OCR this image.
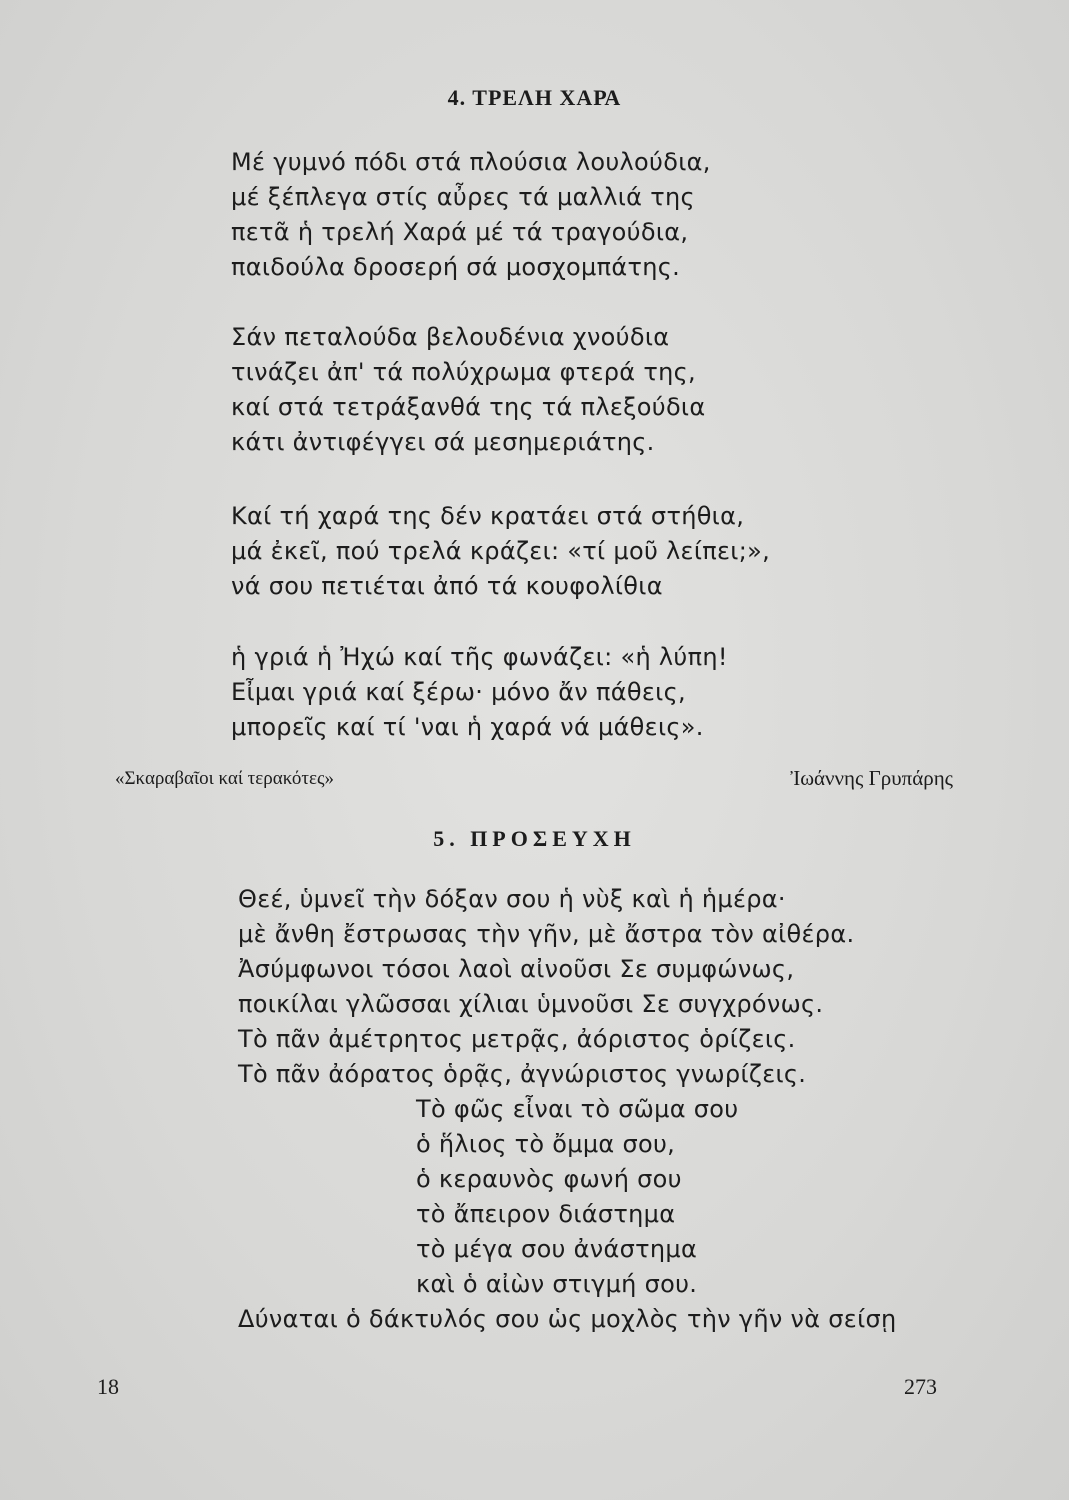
4. ΤΡΕΛΗ ΧΑΡΑ
Μέ γυμνό πόδι στά πλούσια λουλούδια,
μέ ξέπλεγα στίς αὖρες τά μαλλιά της
πετᾶ ἡ τρελή Χαρά μέ τά τραγούδια,
παιδούλα δροσερή σά μοσχομπάτης.
Σάν πεταλούδα βελουδένια χνούδια
τινάζει ἀπ' τά πολύχρωμα φτερά της,
καί στά τετράξανθά της τά πλεξούδια
κάτι ἀντιφέγγει σά μεσημεριάτης.
Καί τή χαρά της δέν κρατάει στά στήθια,
μά ἐκεῖ, πού τρελά κράζει: «τί μοῦ λείπει;»,
νά σου πετιέται ἀπό τά κουφολίθια
ἡ γριά ἡ Ἠχώ καί τῆς φωνάζει: «ἡ λύπη!
Εἶμαι γριά καί ξέρω· μόνο ἄν πάθεις,
μπορεῖς καί τί 'ναι ἡ χαρά νά μάθεις».
«Σκαραβαῖοι καί τερακότες»	Ἰωάννης Γρυπάρης
5. ΠΡΟΣΕΥΧΗ
Θεέ, ὑμνεῖ τὴν δόξαν σου ἡ νὺξ καὶ ἡ ἡμέρα·
μὲ ἄνθη ἔστρωσας τὴν γῆν, μὲ ἄστρα τὸν αἰθέρα.
Ἀσύμφωνοι τόσοι λαοὶ αἰνοῦσι Σε συμφώνως,
ποικίλαι γλῶσσαι χίλιαι ὑμνοῦσι Σε συγχρόνως.
Τὸ πᾶν ἀμέτρητος μετρᾷς, ἀόριστος ὁρίζεις.
Τὸ πᾶν ἀόρατος ὁρᾷς, ἀγνώριστος γνωρίζεις.
Τὸ φῶς εἶναι τὸ σῶμα σου
ὁ ἥλιος τὸ ὄμμα σου,
ὁ κεραυνὸς φωνή σου
τὸ ἄπειρον διάστημα
τὸ μέγα σου ἀνάστημα
καὶ ὁ αἰὼν στιγμή σου.
Δύναται ὁ δάκτυλός σου ὡς μοχλὸς τὴν γῆν νὰ σείσῃ
18	273
